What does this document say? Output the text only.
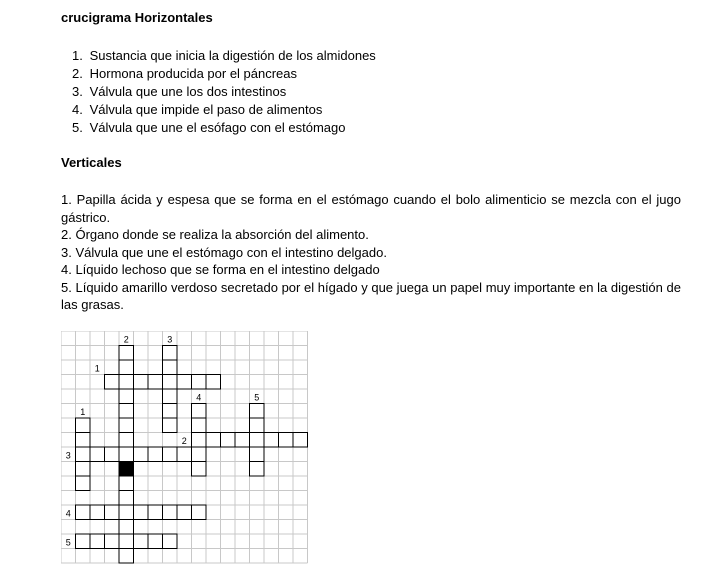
crucigrama Horizontales
1. Sustancia que inicia la digestión de los almidones
2. Hormona producida por el páncreas
3. Válvula que une los dos intestinos
4. Válvula que impide el paso de alimentos
5. Válvula que une el esófago con el estómago
Verticales
1. Papilla ácida y espesa que se forma en el estómago cuando el bolo alimenticio se mezcla con el jugo gástrico.
2. Órgano donde se realiza la absorción del alimento.
3. Válvula que une el estómago con el intestino delgado.
4. Líquido lechoso que se forma en el intestino delgado
5. Líquido amarillo verdoso secretado por el hígado y que juega un papel muy importante en la digestión de las grasas.
2	3
1
4	5
1
2
3
4
5
